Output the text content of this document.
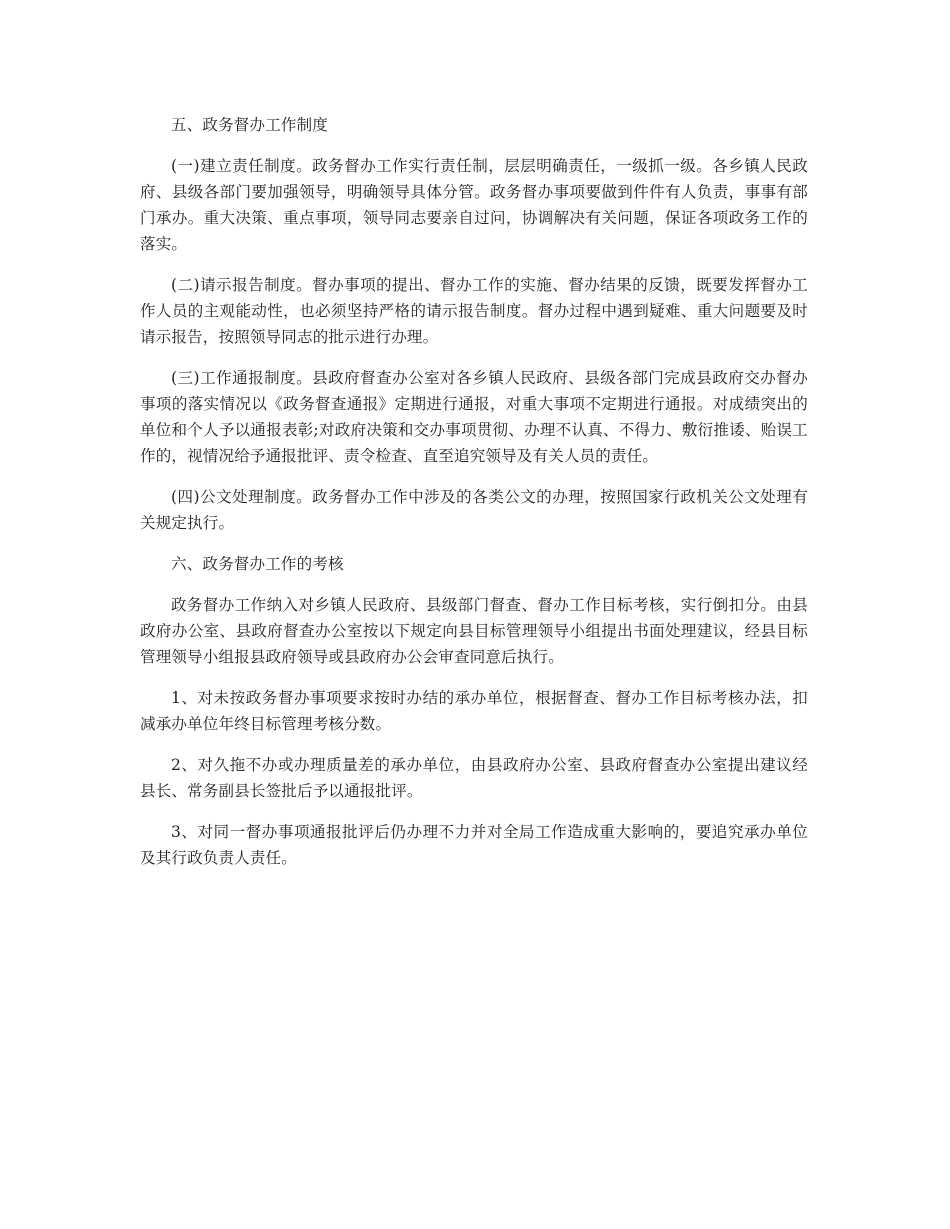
五、政务督办工作制度

(一)建立责任制度。政务督办工作实行责任制，层层明确责任，一级抓一级。各乡镇人民政府、县级各部门要加强领导，明确领导具体分管。政务督办事项要做到件件有人负责，事事有部门承办。重大决策、重点事项，领导同志要亲自过问，协调解决有关问题，保证各项政务工作的落实。

(二)请示报告制度。督办事项的提出、督办工作的实施、督办结果的反馈，既要发挥督办工作人员的主观能动性，也必须坚持严格的请示报告制度。督办过程中遇到疑难、重大问题要及时请示报告，按照领导同志的批示进行办理。

(三)工作通报制度。县政府督查办公室对各乡镇人民政府、县级各部门完成县政府交办督办事项的落实情况以《政务督查通报》定期进行通报，对重大事项不定期进行通报。对成绩突出的单位和个人予以通报表彰;对政府决策和交办事项贯彻、办理不认真、不得力、敷衍推诿、贻误工作的，视情况给予通报批评、责令检查、直至追究领导及有关人员的责任。

(四)公文处理制度。政务督办工作中涉及的各类公文的办理，按照国家行政机关公文处理有关规定执行。

六、政务督办工作的考核

政务督办工作纳入对乡镇人民政府、县级部门督查、督办工作目标考核，实行倒扣分。由县政府办公室、县政府督查办公室按以下规定向县目标管理领导小组提出书面处理建议，经县目标管理领导小组报县政府领导或县政府办公会审查同意后执行。

1、对未按政务督办事项要求按时办结的承办单位，根据督查、督办工作目标考核办法，扣减承办单位年终目标管理考核分数。

2、对久拖不办或办理质量差的承办单位，由县政府办公室、县政府督查办公室提出建议经县长、常务副县长签批后予以通报批评。

3、对同一督办事项通报批评后仍办理不力并对全局工作造成重大影响的，要追究承办单位及其行政负责人责任。
